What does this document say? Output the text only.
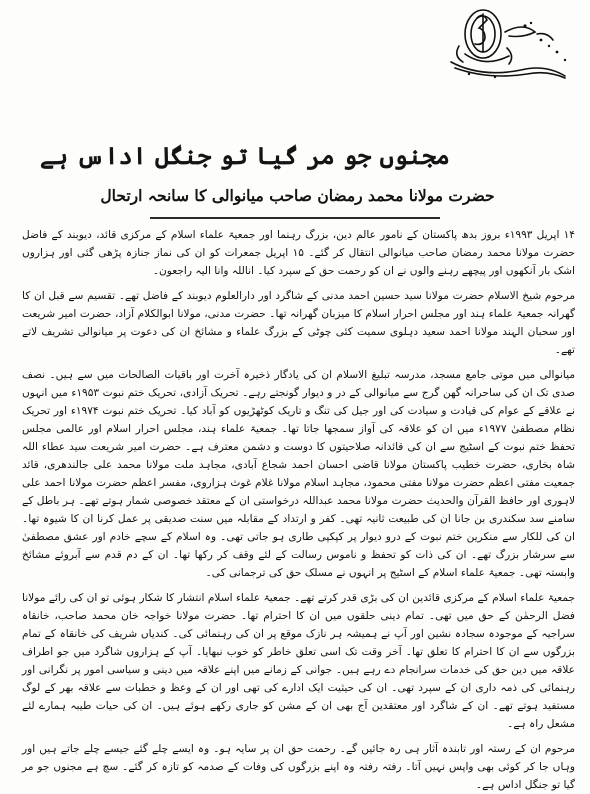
مجنوں جو مر گیا تو جنگل اداس ہے
حضرت مولانا محمد رمضان صاحب میانوالی کا سانحہ ارتحال

۱۴ اپریل ۱۹۹۳ء بروز بدھ پاکستان کے نامور عالم دین، بزرگ رہنما اور جمعیۃ علماء اسلام کے مرکزی قائد، دیوبند کے فاضل حضرت مولانا محمد رمضان صاحب میانوالی انتقال کر گئے۔ ۱۵ اپریل جمعرات کو ان کی نماز جنازہ پڑھی گئی اور ہزاروں اشک بار آنکھوں اور پیچھے رہنے والوں نے ان کو رحمت حق کے سپرد کیا۔ اناللہ وانا الیہ راجعون۔

مرحوم شیخ الاسلام حضرت مولانا سید حسین احمد مدنی کے شاگرد اور دارالعلوم دیوبند کے فاضل تھے۔ تقسیم سے قبل ان کا گھرانہ جمعیۃ علماء ہند اور مجلس احرار اسلام کا میزبان گھرانہ تھا۔ حضرت مدنی، مولانا ابوالکلام آزاد، حضرت امیر شریعت اور سحبان الہند مولانا احمد سعید دہلوی سمیت کئی چوٹی کے بزرگ علماء و مشائخ ان کی دعوت پر میانوالی تشریف لاتے تھے۔

میانوالی میں موتی جامع مسجد، مدرسہ تبلیغ الاسلام ان کی یادگار ذخیرہ آخرت اور باقیات الصالحات میں سے ہیں۔ نصف صدی تک ان کی ساحرانہ گھن گرج سے میانوالی کے در و دیوار گونجتے رہے۔ تحریک آزادی، تحریک ختم نبوت ۱۹۵۳ء میں انہوں نے علاقے کے عوام کی قیادت و سیادت کی اور جیل کی تنگ و تاریک کوٹھڑیوں کو آباد کیا۔ تحریک ختم نبوت ۱۹۷۴ء اور تحریک نظام مصطفیٰ ۱۹۷۷ء میں ان کو علاقہ کی آواز سمجھا جاتا تھا۔ جمعیۃ علماء ہند، مجلس احرار اسلام اور عالمی مجلس تحفظ ختم نبوت کے اسٹیج سے ان کی قائدانہ صلاحیتوں کا دوست و دشمن معترف ہے۔ حضرت امیر شریعت سید عطاء اللہ شاہ بخاری، حضرت خطیب پاکستان مولانا قاضی احسان احمد شجاع آبادی، مجاہد ملت مولانا محمد علی جالندھری، قائد جمعیت مفتی اعظم حضرت مولانا مفتی محمود، مجاہد اسلام مولانا غلام غوث ہزاروی، مفسر اعظم حضرت مولانا احمد علی لاہوری اور حافظ القرآن والحدیث حضرت مولانا محمد عبداللہ درخواستی ان کے معتقد خصوصی شمار ہوتے تھے۔ ہر باطل کے سامنے سد سکندری بن جانا ان کی طبیعت ثانیہ تھی۔ کفر و ارتداد کے مقابلہ میں سنت صدیقی پر عمل کرنا ان کا شیوہ تھا۔ ان کی للکار سے منکرین ختم نبوت کے درو دیوار پر کپکپی طاری ہو جاتی تھی۔ وہ اسلام کے سچے خادم اور عشق مصطفیٰ سے سرشار بزرگ تھے۔ ان کی ذات کو تحفظ و ناموس رسالت کے لئے وقف کر رکھا تھا۔ ان کے دم قدم سے آبروئے مشائخ وابستہ تھی۔ جمعیۃ علماء اسلام کے اسٹیج پر انہوں نے مسلک حق کی ترجمانی کی۔

جمعیۃ علماء اسلام کے مرکزی قائدین ان کی بڑی قدر کرتے تھے۔ جمعیۃ علماء اسلام انتشار کا شکار ہوئی تو ان کی رائے مولانا فضل الرحمٰن کے حق میں تھی۔ تمام دینی حلقوں میں ان کا احترام تھا۔ حضرت مولانا خواجہ خان محمد صاحب، خانقاہ سراجیہ کے موجودہ سجادہ نشین اور آپ نے ہمیشہ ہر نازک موقع پر ان کی رہنمائی کی۔ کندیاں شریف کی خانقاہ کے تمام بزرگوں سے ان کا احترام کا تعلق تھا۔ آخر وقت تک اسی تعلق خاطر کو خوب نبھایا۔ آپ کے ہزاروں شاگرد میں جو اطراف علاقہ میں دین حق کی خدمات سرانجام دے رہے ہیں۔ جوانی کے زمانے میں اپنے علاقہ میں دینی و سیاسی امور پر نگرانی اور رہنمائی کی ذمہ داری ان کے سپرد تھی۔ ان کی حیثیت ایک ادارے کی تھی اور ان کے وعظ و خطبات سے علاقہ بھر کے لوگ مستفید ہوتے تھے۔ ان کے شاگرد اور معتقدین آج بھی ان کے مشن کو جاری رکھے ہوئے ہیں۔ ان کی حیات طیبہ ہمارے لئے مشعل راہ ہے۔

مرحوم ان کے رستہ اور تابندہ آثار ہی رہ جائیں گے۔ رحمت حق ان پر سایہ ہو۔ وہ ایسے چلے گئے جیسے چلے جاتے ہیں اور وہاں جا کر کوئی بھی واپس نہیں آتا۔ رفتہ رفتہ وہ اپنے بزرگوں کی وفات کے صدمہ کو تازہ کر گئے۔ سچ ہے مجنوں جو مر گیا تو جنگل اداس ہے۔
